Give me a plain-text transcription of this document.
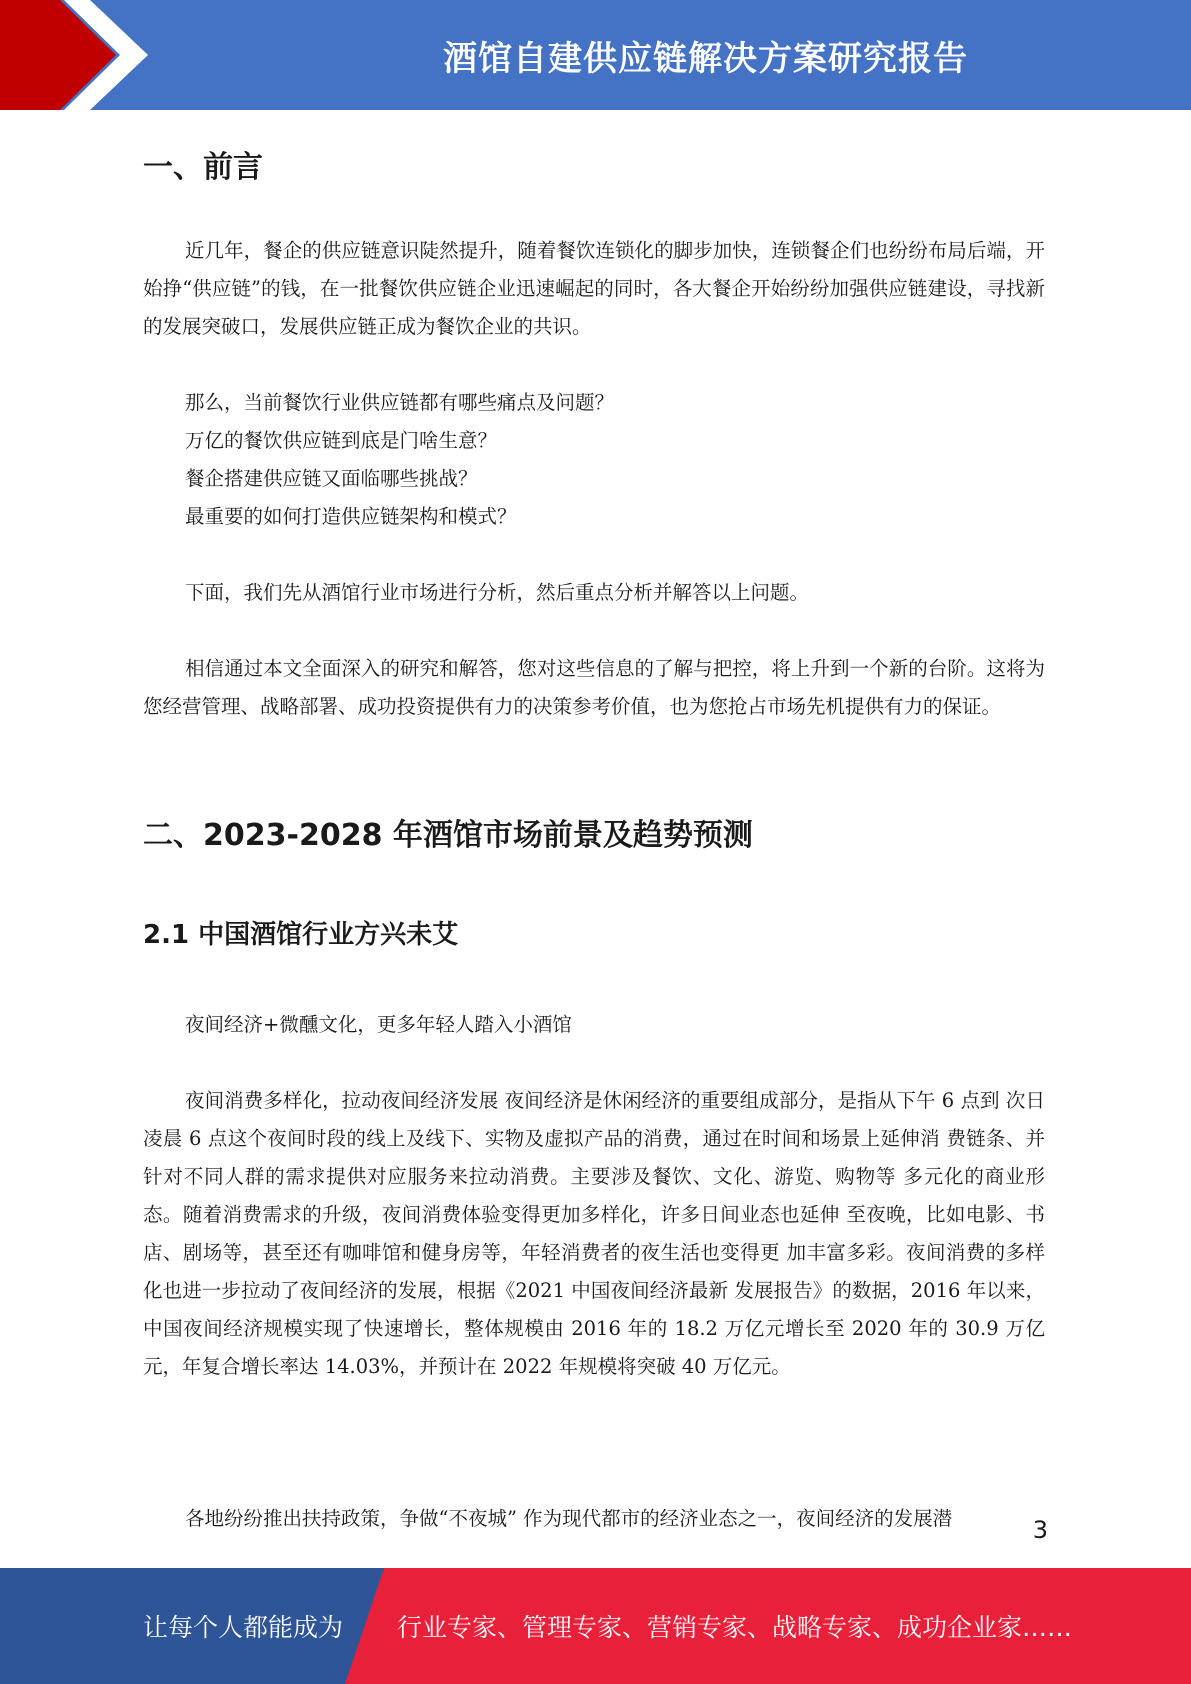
酒馆自建供应链解决方案研究报告
一、前言

近几年，餐企的供应链意识陡然提升，随着餐饮连锁化的脚步加快，连锁餐企们也纷纷布局后端，开始挣“供应链”的钱，在一批餐饮供应链企业迅速崛起的同时，各大餐企开始纷纷加强供应链建设，寻找新的发展突破口，发展供应链正成为餐饮企业的共识。

那么，当前餐饮行业供应链都有哪些痛点及问题？

万亿的餐饮供应链到底是门啥生意？

餐企搭建供应链又面临哪些挑战？

最重要的如何打造供应链架构和模式？

下面，我们先从酒馆行业市场进行分析，然后重点分析并解答以上问题。

相信通过本文全面深入的研究和解答，您对这些信息的了解与把控，将上升到一个新的台阶。这将为您经营管理、战略部署、成功投资提供有力的决策参考价值，也为您抢占市场先机提供有力的保证。

二、2023-2028 年酒馆市场前景及趋势预测
2.1 中国酒馆行业方兴未艾

夜间经济+微醺文化，更多年轻人踏入小酒馆

夜间消费多样化，拉动夜间经济发展 夜间经济是休闲经济的重要组成部分，是指从下午 6 点到 次日凌晨 6 点这个夜间时段的线上及线下、实物及虚拟产品的消费，通过在时间和场景上延伸消 费链条、并针对不同人群的需求提供对应服务来拉动消费。主要涉及餐饮、文化、游览、购物等 多元化的商业形态。随着消费需求的升级，夜间消费体验变得更加多样化，许多日间业态也延伸 至夜晚，比如电影、书店、剧场等，甚至还有咖啡馆和健身房等，年轻消费者的夜生活也变得更 加丰富多彩。夜间消费的多样化也进一步拉动了夜间经济的发展，根据《2021 中国夜间经济最新 发展报告》的数据，2016 年以来，中国夜间经济规模实现了快速增长，整体规模由 2016 年的 18.2 万亿元增长至 2020 年的 30.9 万亿元，年复合增长率达 14.03%，并预计在 2022 年规模将突破 40 万亿元。

各地纷纷推出扶持政策，争做“不夜城” 作为现代都市的经济业态之一，夜间经济的发展潜	3
让每个人都能成为 行业专家、管理专家、营销专家、战略专家、成功企业家……
